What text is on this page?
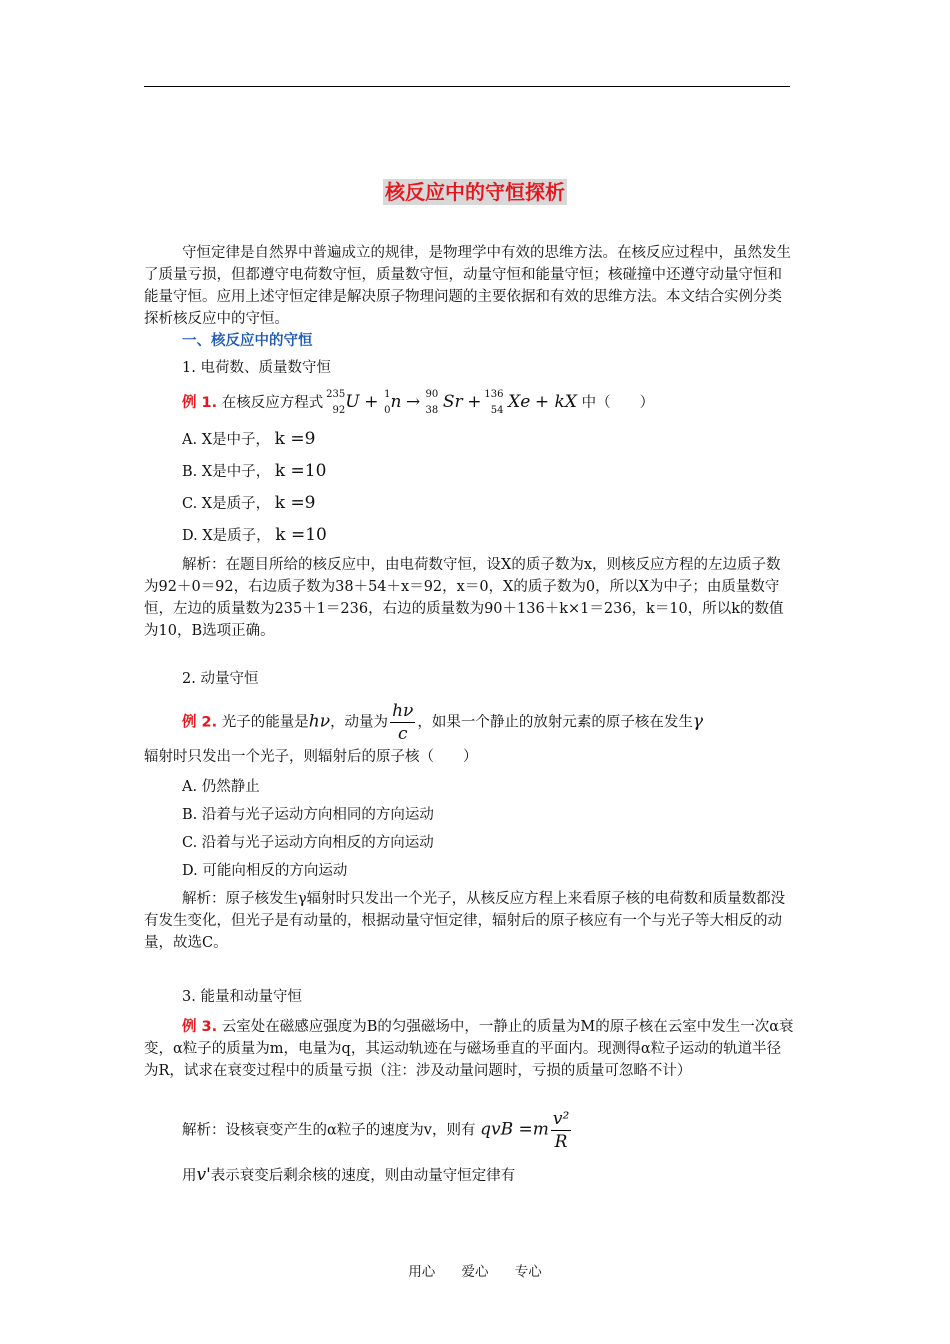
核反应中的守恒探析
守恒定律是自然界中普遍成立的规律，是物理学中有效的思维方法。在核反应过程中，虽然发生了质量亏损，但都遵守电荷数守恒，质量数守恒，动量守恒和能量守恒；核碰撞中还遵守动量守恒和能量守恒。应用上述守恒定律是解决原子物理问题的主要依据和有效的思维方法。本文结合实例分类探析核反应中的守恒。
一、核反应中的守恒
1. 电荷数、质量数守恒
例 1. 在核反应方程式
235
92 U + 1
0 n → 90
38 Sr + 136
54 Xe + kX 中（　　）
A. X是中子， k =9
B. X是中子， k =10
C. X是质子， k =9
D. X是质子， k =10
解析：在题目所给的核反应中，由电荷数守恒，设X的质子数为x，则核反应方程的左边质子数为92＋0＝92，右边质子数为38＋54＋x＝92，x＝0，X的质子数为0，所以X为中子；由质量数守恒，左边的质量数为235＋1＝236，右边的质量数为90＋136＋k×1＝236，k＝10，所以k的数值为10，B选项正确。
2. 动量守恒
例 2. 光子的能量是hν，动量为 $\frac{h\nu}{c}$ ，如果一个静止的放射元素的原子核在发生γ
辐射时只发出一个光子，则辐射后的原子核（　　）
A. 仍然静止
B. 沿着与光子运动方向相同的方向运动
C. 沿着与光子运动方向相反的方向运动
D. 可能向相反的方向运动
解析：原子核发生γ辐射时只发出一个光子，从核反应方程上来看原子核的电荷数和质量数都没有发生变化，但光子是有动量的，根据动量守恒定律，辐射后的原子核应有一个与光子等大相反的动量，故选C。
3. 能量和动量守恒
例 3. 云室处在磁感应强度为B的匀强磁场中，一静止的质量为M的原子核在云室中发生一次α衰变，α粒子的质量为m，电量为q，其运动轨迹在与磁场垂直的平面内。现测得α粒子运动的轨道半径为R，试求在衰变过程中的质量亏损（注：涉及动量问题时，亏损的质量可忽略不计）
解析：设核衰变产生的α粒子的速度为v，则有 qvB $=m \frac{\text{v²}}{R}$
用v'表示衰变后剩余核的速度，则由动量守恒定律有
用心 爱心 专心
